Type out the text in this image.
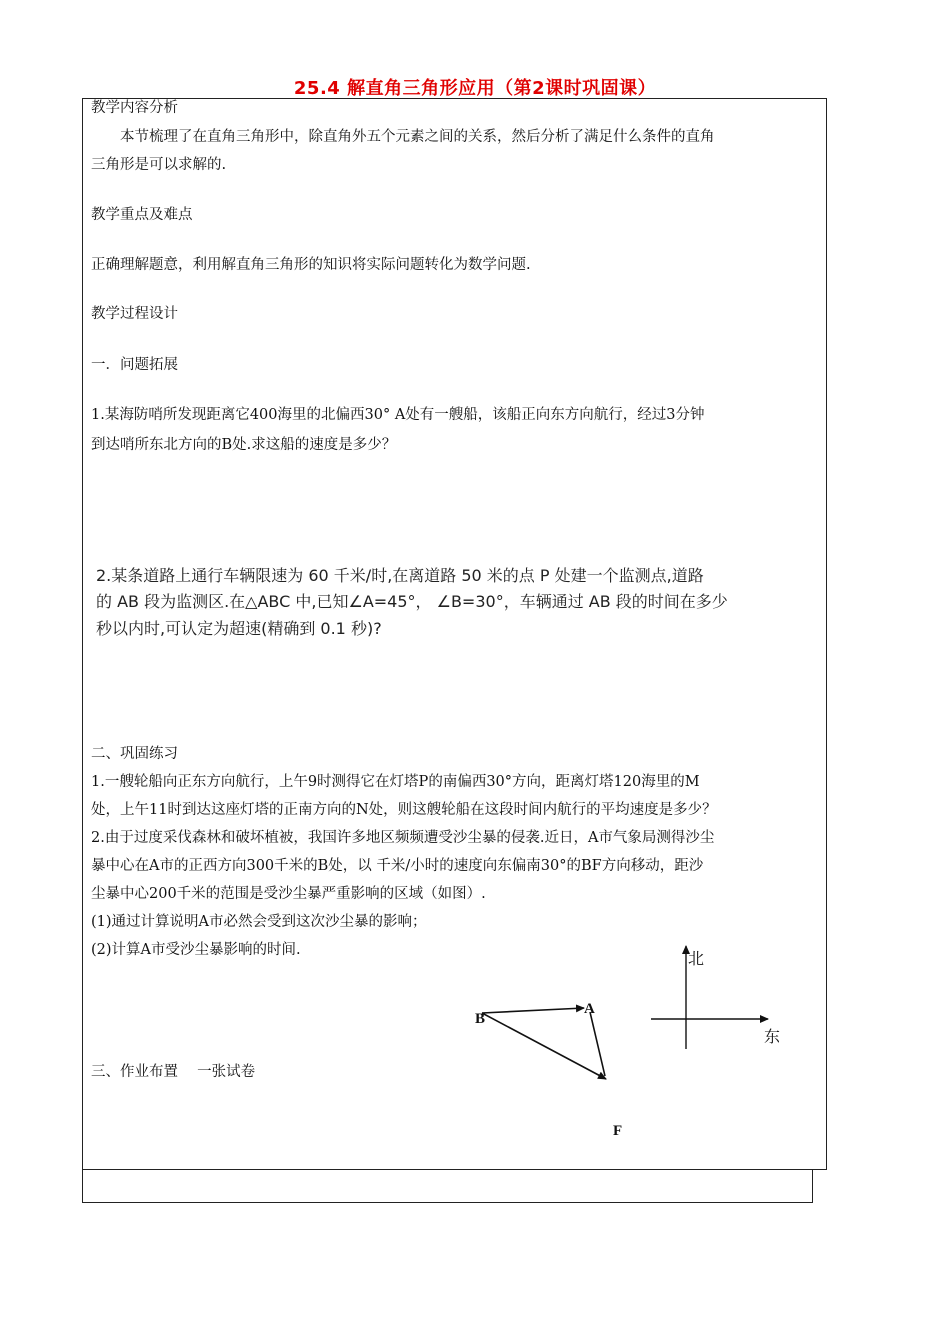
25.4 解直角三角形应用（第2课时巩固课）
教学内容分析
本节梳理了在直角三角形中，除直角外五个元素之间的关系，然后分析了满足什么条件的直角
三角形是可以求解的.
教学重点及难点
正确理解题意，利用解直角三角形的知识将实际问题转化为数学问题.
教学过程设计
一．问题拓展
1.某海防哨所发现距离它400海里的北偏西30° A处有一艘船，该船正向东方向航行，经过3分钟
到达哨所东北方向的B处.求这船的速度是多少？
2.某条道路上通行车辆限速为 60 千米/时,在离道路 50 米的点 P 处建一个监测点,道路
的 AB 段为监测区.在△ABC 中,已知∠A=45°， ∠B=30°，车辆通过 AB 段的时间在多少
秒以内时,可认定为超速(精确到 0.1 秒)?
二、巩固练习
1.一艘轮船向正东方向航行，上午9时测得它在灯塔P的南偏西30°方向，距离灯塔120海里的M
处，上午11时到达这座灯塔的正南方向的N处，则这艘轮船在这段时间内航行的平均速度是多少？
2.由于过度采伐森林和破坏植被，我国许多地区频频遭受沙尘暴的侵袭.近日，A市气象局测得沙尘
暴中心在A市的正西方向300千米的B处，以 千米/小时的速度向东偏南30°的BF方向移动，距沙
尘暴中心200千米的范围是受沙尘暴严重影响的区域（如图）.
(1)通过计算说明A市必然会受到这次沙尘暴的影响；
(2)计算A市受沙尘暴影响的时间.
三、作业布置　 一张试卷
B
A
F
北
东
